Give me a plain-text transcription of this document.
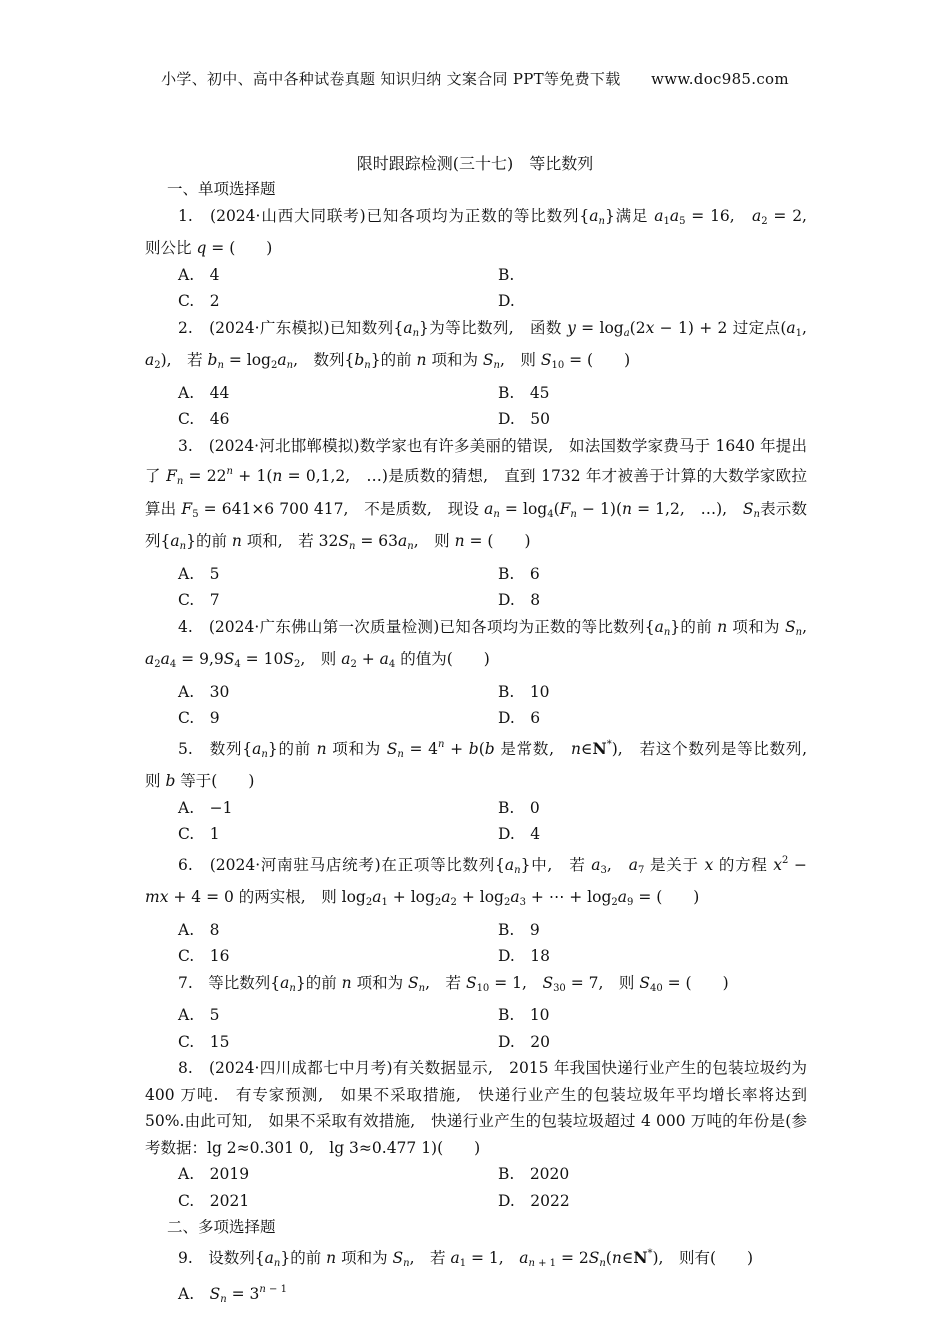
小学、初中、高中各种试卷真题 知识归纳 文案合同 PPT等免费下载　　www.doc985.com
限时跟踪检测(三十七)　等比数列
一、单项选择题
1.　(2024·山西大同联考)已知各项均为正数的等比数列$\{a_n\}$满足 $a_1a_5 = 16$,　$a_2 = 2$,　则公比 q = (　　)
A.　4	B.
C.　2	D.
2.　(2024·广东模拟)已知数列$\{a_n\}$为等比数列,　函数 $y = \log_a(2x - 1) + 2$ 过定点($a_1$,　$a_2$),　若 $b_n = \log_2a_n$,　数列$\{b_n\}$的前 n 项和为 $S_n$,　则 $S_{10}$ = (　　)
A.　44	B.　45
C.　46	D.　50
3.　(2024·河北邯郸模拟)数学家也有许多美丽的错误,　如法国数学家费马于 1640 年提出了 $F_n = 22^n + 1(n = 0,1,2$,　…)是质数的猜想,　直到 1732 年才被善于计算的大数学家欧拉算出 $F_5 = 641\times 6$ 700 417,　不是质数,　现设 $a_n = \log_4(F_n - 1)(n = 1,2$,　…),　$S_n$表示数列$\{a_n\}$的前 n 项和,　若 $32S_n = 63a_n$,　则 n = (　　)
A.　5	B.　6
C.　7	D.　8
4.　(2024·广东佛山第一次质量检测)已知各项均为正数的等比数列$\{a_n\}$的前 n 项和为 $S_n$,　$a_2a_4 = 9,9S_4 = 10S_2$,　则 $a_2 + a_4$ 的值为(　　)
A.　30	B.　10
C.　9	D.　6
5.　数列$\{a_n\}$的前 n 项和为 $S_n = 4^n + b(b$ 是常数,　n∈N*),　若这个数列是等比数列,　则 b 等于(　　)
A.　−1	B.　0
C.　1	D.　4
6.　(2024·河南驻马店统考)在正项等比数列$\{a_n\}$中,　若 $a_3$,　$a_7$ 是关于 x 的方程 $x^2$ − mx + 4 = 0 的两实根,　则 $\log_2a_1 + \log_2a_2 + \log_2a_3$ + ⋯ + $\log_2a_9$ = (　　)
A.　8	B.　9
C.　16	D.　18
7.　等比数列$\{a_n\}$的前 n 项和为 $S_n$,　若 $S_{10} = 1$,　$S_{30} = 7$,　则 $S_{40}$ = (　　)
A.　5	B.　10
C.　15	D.　20
8.　(2024·四川成都七中月考)有关数据显示,　2015 年我国快递行业产生的包装垃圾约为 400 万吨.　有专家预测,　如果不采取措施,　快递行业产生的包装垃圾年平均增长率将达到 50%.由此可知,　如果不采取有效措施,　快递行业产生的包装垃圾超过 4 000 万吨的年份是(参考数据：lg 2≈0.301 0,　lg 3≈0.477 1)(　　)
A.　2019	B.　2020
C.　2021	D.　2022
二、多项选择题
9.　设数列$\{a_n\}$的前 n 项和为 $S_n$,　若 $a_1 = 1$,　$a_{n + 1}$ = $2S_n(n\in N^*)$,　则有(　　)
A.　$S_n = 3^{n - 1}$
